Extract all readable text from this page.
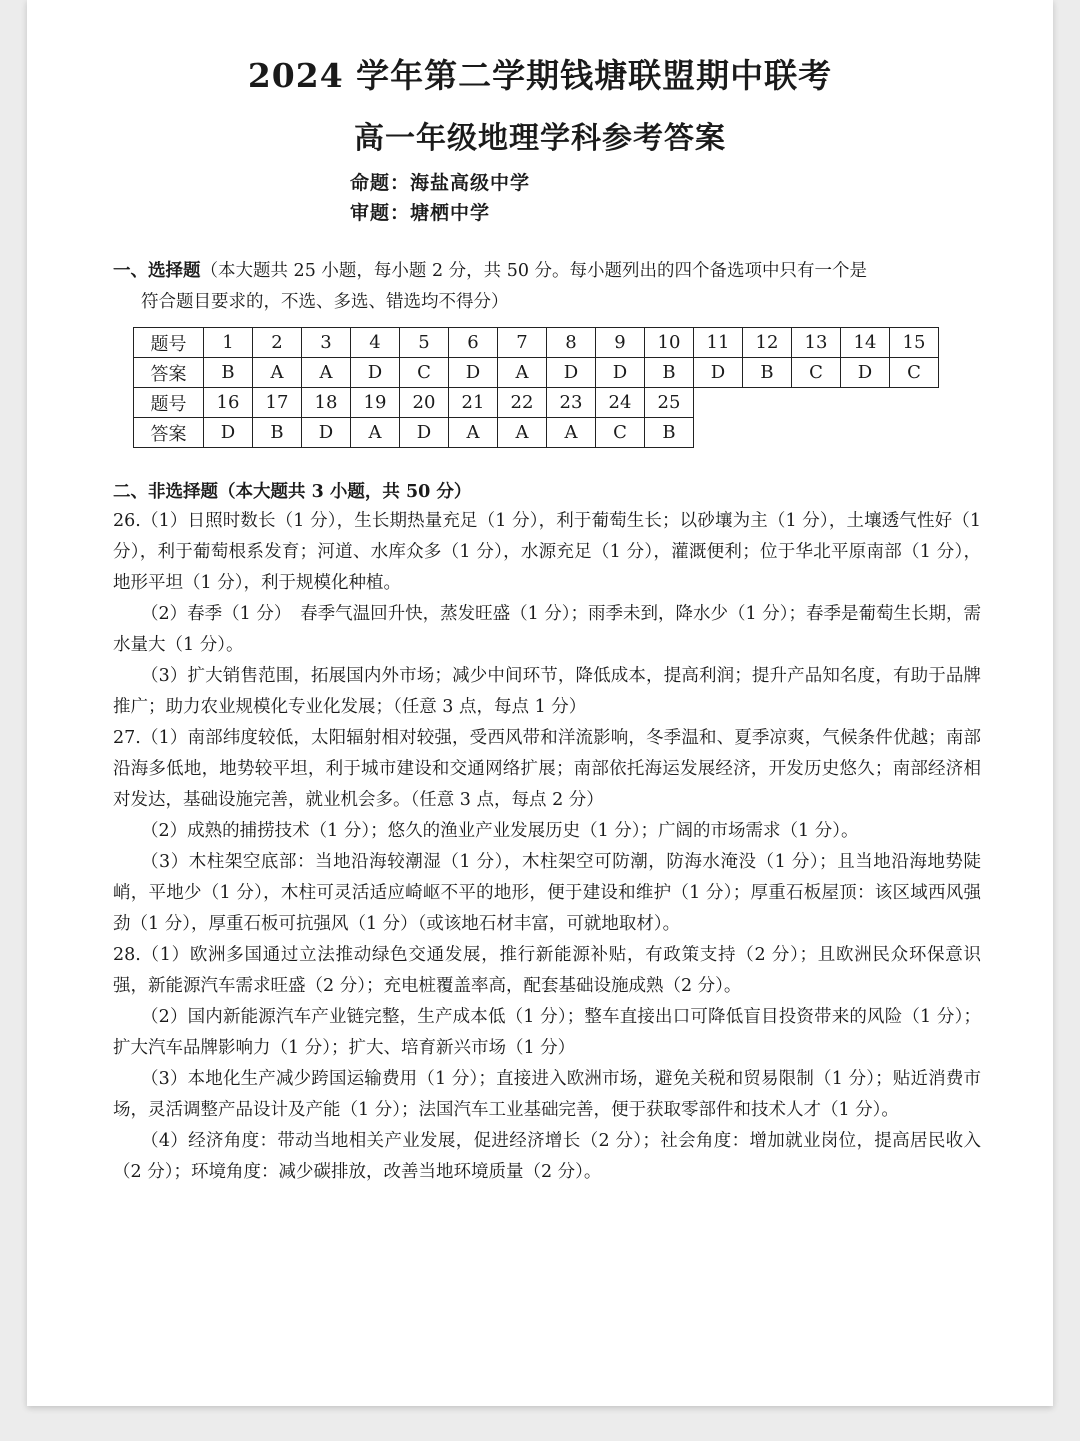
2024 学年第二学期钱塘联盟期中联考
高一年级地理学科参考答案
命题：海盐高级中学
审题：塘栖中学
一、选择题（本大题共 25 小题，每小题 2 分，共 50 分。每小题列出的四个备选项中只有一个是
符合题目要求的，不选、多选、错选均不得分）
题号	1	2	3	4	5	6	7	8	9	10	11	12	13	14	15
答案	B	A	A	D	C	D	A	D	D	B	D	B	C	D	C
题号	16	17	18	19	20	21	22	23	24	25					
答案	D	B	D	A	D	A	A	A	C	B					
二、非选择题（本大题共 3 小题，共 50 分）

26.（1）日照时数长（1 分），生长期热量充足（1 分），利于葡萄生长；以砂壤为主（1 分），土壤透气性好（1 分），利于葡萄根系发育；河道、水库众多（1 分），水源充足（1 分），灌溉便利；位于华北平原南部（1 分），地形平坦（1 分），利于规模化种植。

（2）春季（1 分）　春季气温回升快，蒸发旺盛（1 分）；雨季未到，降水少（1 分）；春季是葡萄生长期，需水量大（1 分）。

（3）扩大销售范围，拓展国内外市场；减少中间环节，降低成本，提高利润；提升产品知名度，有助于品牌推广；助力农业规模化专业化发展；（任意 3 点，每点 1 分）

27.（1）南部纬度较低，太阳辐射相对较强，受西风带和洋流影响，冬季温和、夏季凉爽，气候条件优越；南部沿海多低地，地势较平坦，利于城市建设和交通网络扩展；南部依托海运发展经济，开发历史悠久；南部经济相对发达，基础设施完善，就业机会多。（任意 3 点，每点 2 分）

（2）成熟的捕捞技术（1 分）；悠久的渔业产业发展历史（1 分）；广阔的市场需求（1 分）。

（3）木柱架空底部：当地沿海较潮湿（1 分），木柱架空可防潮，防海水淹没（1 分）；且当地沿海地势陡峭，平地少（1 分），木柱可灵活适应崎岖不平的地形，便于建设和维护（1 分）；厚重石板屋顶：该区域西风强劲（1 分），厚重石板可抗强风（1 分）（或该地石材丰富，可就地取材）。

28.（1）欧洲多国通过立法推动绿色交通发展，推行新能源补贴，有政策支持（2 分）；且欧洲民众环保意识强，新能源汽车需求旺盛（2 分）；充电桩覆盖率高，配套基础设施成熟（2 分）。

（2）国内新能源汽车产业链完整，生产成本低（1 分）；整车直接出口可降低盲目投资带来的风险（1 分）；扩大汽车品牌影响力（1 分）；扩大、培育新兴市场（1 分）

（3）本地化生产减少跨国运输费用（1 分）；直接进入欧洲市场，避免关税和贸易限制（1 分）；贴近消费市场，灵活调整产品设计及产能（1 分）；法国汽车工业基础完善，便于获取零部件和技术人才（1 分）。

（4）经济角度：带动当地相关产业发展，促进经济增长（2 分）；社会角度：增加就业岗位，提高居民收入（2 分）；环境角度：减少碳排放，改善当地环境质量（2 分）。
